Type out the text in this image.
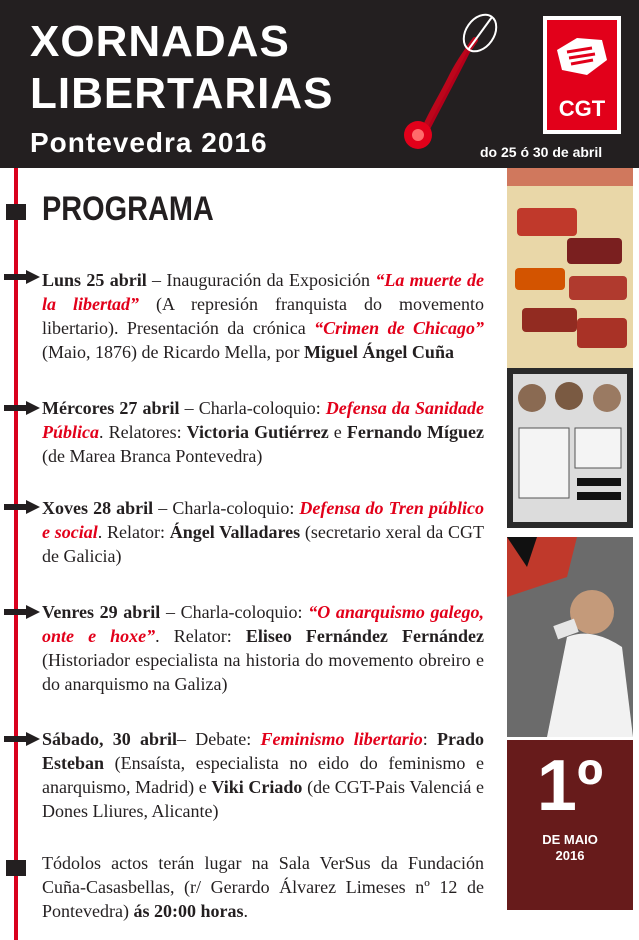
XORNADAS
LIBERTARIAS
Pontevedra 2016	do 25 ó 30 de abril
CGT
PROGRAMA
Luns 25 abril – Inauguración da Exposición “La muerte de la libertad” (A represión franquista do movemento libertario). Presentación da crónica “Crimen de Chicago” (Maio, 1876) de Ricardo Mella, por Miguel Ángel Cuña
Mércores 27 abril – Charla-coloquio: Defensa da Sanidade Pública. Relatores: Victoria Gutiérrez e Fernando Míguez (de Marea Branca Pontevedra)
Xoves 28 abril – Charla-coloquio: Defensa do Tren público e social. Relator: Ángel Valladares (secretario xeral da CGT de Galicia)
Venres 29 abril – Charla-coloquio: “O anarquismo galego, onte e hoxe”. Relator: Eliseo Fernández Fernández (Historiador especialista na historia do movemento obreiro e do anarquismo na Galiza)
Sábado, 30 abril– Debate: Feminismo libertario: Prado Esteban (Ensaísta, especialista no eido do feminismo e anarquismo, Madrid) e Viki Criado (de CGT-Pais Valenciá e Dones Lliures, Alicante)
Tódolos actos terán lugar na Sala VerSus da Fundación Cuña-Casasbellas, (r/ Gerardo Álvarez Limeses nº 12 de Pontevedra) ás 20:00 horas.
1º
DE MAIO
2016
